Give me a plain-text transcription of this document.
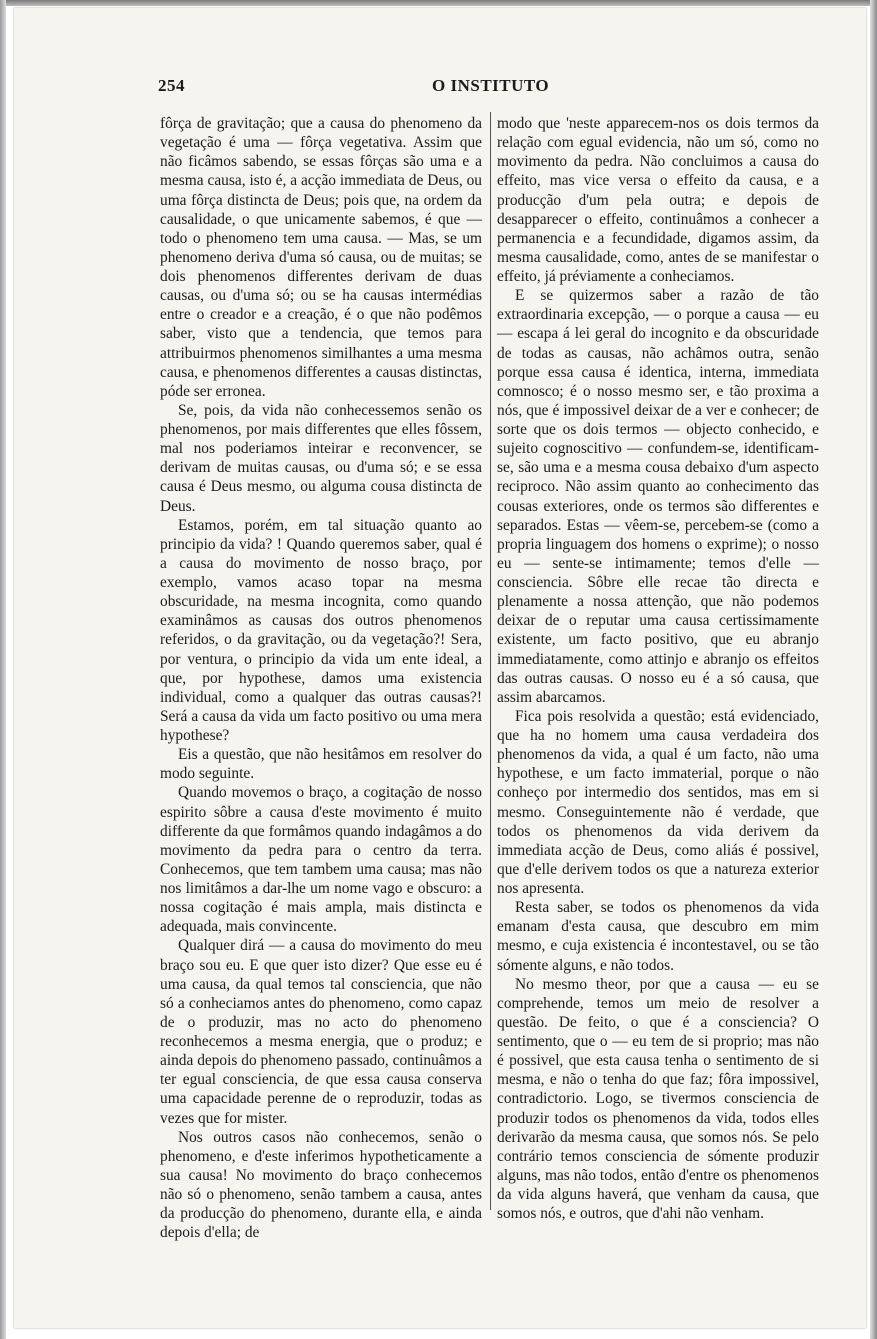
254	O INSTITUTO

fôrça de gravitação; que a causa do phenomeno da vegetação é uma — fôrça vegetativa. Assim que não ficâmos sabendo, se essas fôrças são uma e a mesma causa, isto é, a acção immediata de Deus, ou uma fôrça distincta de Deus; pois que, na ordem da causalidade, o que unicamente sabemos, é que — todo o phenomeno tem uma causa. — Mas, se um phenomeno deriva d'uma só causa, ou de muitas; se dois phenomenos differentes derivam de duas causas, ou d'uma só; ou se ha causas intermédias entre o creador e a creação, é o que não podêmos saber, visto que a tendencia, que temos para attribuirmos phenomenos similhantes a uma mesma causa, e phenomenos differentes a causas distinctas, póde ser erronea.

Se, pois, da vida não conhecessemos senão os phenomenos, por mais differentes que elles fôssem, mal nos poderiamos inteirar e reconvencer, se derivam de muitas causas, ou d'uma só; e se essa causa é Deus mesmo, ou alguma cousa distincta de Deus.

Estamos, porém, em tal situação quanto ao principio da vida? ! Quando queremos saber, qual é a causa do movimento de nosso braço, por exemplo, vamos acaso topar na mesma obscuridade, na mesma incognita, como quando examinâmos as causas dos outros phenomenos referidos, o da gravitação, ou da vegetação?! Sera, por ventura, o principio da vida um ente ideal, a que, por hypothese, damos uma existencia individual, como a qualquer das outras causas?! Será a causa da vida um facto positivo ou uma mera hypothese?

Eis a questão, que não hesitâmos em resolver do modo seguinte.

Quando movemos o braço, a cogitação de nosso espirito sôbre a causa d'este movimento é muito differente da que formâmos quando indagâmos a do movimento da pedra para o centro da terra. Conhecemos, que tem tambem uma causa; mas não nos limitâmos a dar-lhe um nome vago e obscuro: a nossa cogitação é mais ampla, mais distincta e adequada, mais convincente.

Qualquer dirá — a causa do movimento do meu braço sou eu. E que quer isto dizer? Que esse eu é uma causa, da qual temos tal consciencia, que não só a conheciamos antes do phenomeno, como capaz de o produzir, mas no acto do phenomeno reconhecemos a mesma energia, que o produz; e ainda depois do phenomeno passado, continuâmos a ter egual consciencia, de que essa causa conserva uma capacidade perenne de o reproduzir, todas as vezes que for mister.

Nos outros casos não conhecemos, senão o phenomeno, e d'este inferimos hypotheticamente a sua causa! No movimento do braço conhecemos não só o phenomeno, senão tambem a causa, antes da producção do phenomeno, durante ella, e ainda depois d'ella; de

modo que 'neste apparecem-nos os dois termos da relação com egual evidencia, não um só, como no movimento da pedra. Não concluimos a causa do effeito, mas vice versa o effeito da causa, e a producção d'um pela outra; e depois de desapparecer o effeito, continuâmos a conhecer a permanencia e a fecundidade, digamos assim, da mesma causalidade, como, antes de se manifestar o effeito, já préviamente a conheciamos.

E se quizermos saber a razão de tão extraordinaria excepção, — o porque a causa — eu — escapa á lei geral do incognito e da obscuridade de todas as causas, não achâmos outra, senão porque essa causa é identica, interna, immediata comnosco; é o nosso mesmo ser, e tão proxima a nós, que é impossivel deixar de a ver e conhecer; de sorte que os dois termos — objecto conhecido, e sujeito cognoscitivo — confundem-se, identificam-se, são uma e a mesma cousa debaixo d'um aspecto reciproco. Não assim quanto ao conhecimento das cousas exteriores, onde os termos são differentes e separados. Estas — vêem-se, percebem-se (como a propria linguagem dos homens o exprime); o nosso eu — sente-se intimamente; temos d'elle — consciencia. Sôbre elle recae tão directa e plenamente a nossa attenção, que não podemos deixar de o reputar uma causa certissimamente existente, um facto positivo, que eu abranjo immediatamente, como attinjo e abranjo os effeitos das outras causas. O nosso eu é a só causa, que assim abarcamos.

Fica pois resolvida a questão; está evidenciado, que ha no homem uma causa verdadeira dos phenomenos da vida, a qual é um facto, não uma hypothese, e um facto immaterial, porque o não conheço por intermedio dos sentidos, mas em si mesmo. Conseguintemente não é verdade, que todos os phenomenos da vida derivem da immediata acção de Deus, como aliás é possivel, que d'elle derivem todos os que a natureza exterior nos apresenta.

Resta saber, se todos os phenomenos da vida emanam d'esta causa, que descubro em mim mesmo, e cuja existencia é incontestavel, ou se tão sómente alguns, e não todos.

No mesmo theor, por que a causa — eu se comprehende, temos um meio de resolver a questão. De feito, o que é a consciencia? O sentimento, que o — eu tem de si proprio; mas não é possivel, que esta causa tenha o sentimento de si mesma, e não o tenha do que faz; fôra impossivel, contradictorio. Logo, se tivermos consciencia de produzir todos os phenomenos da vida, todos elles derivarão da mesma causa, que somos nós. Se pelo contrário temos consciencia de sómente produzir alguns, mas não todos, então d'entre os phenomenos da vida alguns haverá, que venham da causa, que somos nós, e outros, que d'ahi não venham.
